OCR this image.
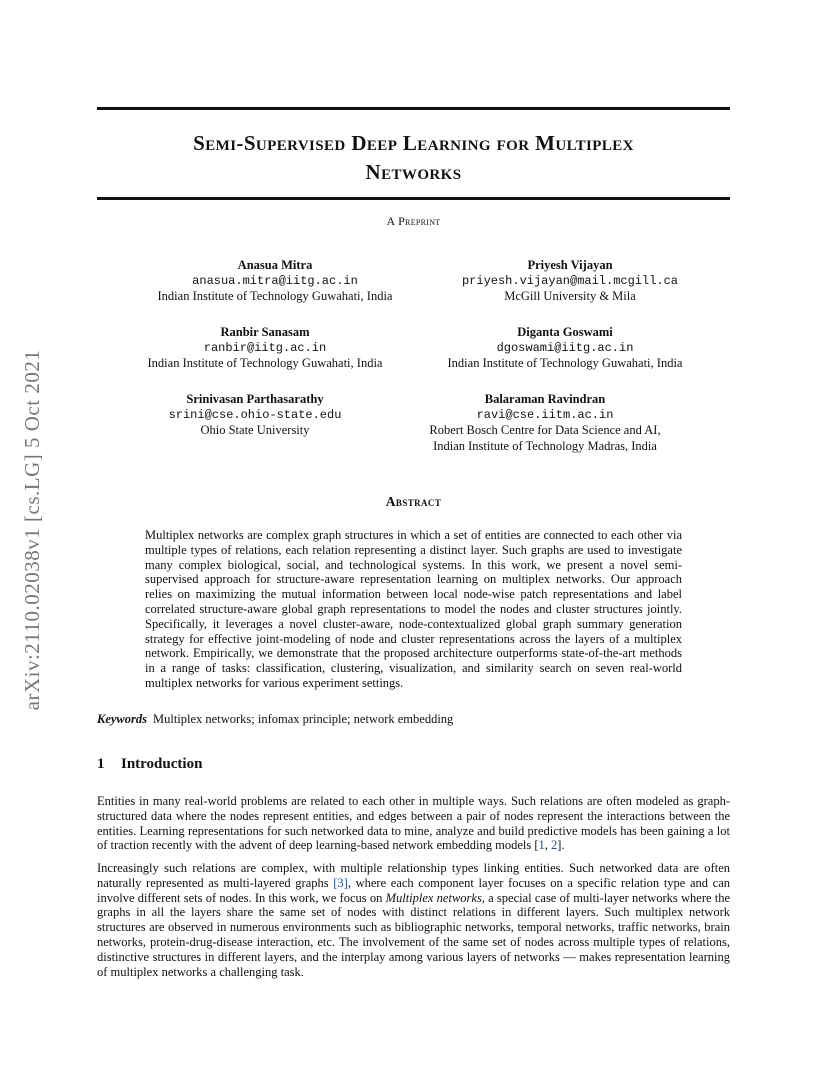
arXiv:2110.02038v1 [cs.LG] 5 Oct 2021
Semi-Supervised Deep Learning for Multiplex
Networks
A Preprint
Anasua Mitra
anasua.mitra@iitg.ac.in
Indian Institute of Technology Guwahati, India
Priyesh Vijayan
priyesh.vijayan@mail.mcgill.ca
McGill University & Mila
Ranbir Sanasam
ranbir@iitg.ac.in
Indian Institute of Technology Guwahati, India
Diganta Goswami
dgoswami@iitg.ac.in
Indian Institute of Technology Guwahati, India
Srinivasan Parthasarathy
srini@cse.ohio-state.edu
Ohio State University
Balaraman Ravindran
ravi@cse.iitm.ac.in
Robert Bosch Centre for Data Science and AI,
Indian Institute of Technology Madras, India
Abstract

Multiplex networks are complex graph structures in which a set of entities are connected to each other via multiple types of relations, each relation representing a distinct layer. Such graphs are used to investigate many complex biological, social, and technological systems. In this work, we present a novel semi-supervised approach for structure-aware representation learning on multiplex networks. Our approach relies on maximizing the mutual information between local node-wise patch representations and label correlated structure-aware global graph representations to model the nodes and cluster structures jointly. Specifically, it leverages a novel cluster-aware, node-contextualized global graph summary generation strategy for effective joint-modeling of node and cluster representations across the layers of a multiplex network. Empirically, we demonstrate that the proposed architecture outperforms state-of-the-art methods in a range of tasks: classification, clustering, visualization, and similarity search on seven real-world multiplex networks for various experiment settings.

Keywords Multiplex networks; infomax principle; network embedding
1 Introduction

Entities in many real-world problems are related to each other in multiple ways. Such relations are often modeled as graph-structured data where the nodes represent entities, and edges between a pair of nodes represent the interactions between the entities. Learning representations for such networked data to mine, analyze and build predictive models has been gaining a lot of traction recently with the advent of deep learning-based network embedding models [1, 2].

Increasingly such relations are complex, with multiple relationship types linking entities. Such networked data are often naturally represented as multi-layered graphs [3], where each component layer focuses on a specific relation type and can involve different sets of nodes. In this work, we focus on Multiplex networks, a special case of multi-layer networks where the graphs in all the layers share the same set of nodes with distinct relations in different layers. Such multiplex network structures are observed in numerous environments such as bibliographic networks, temporal networks, traffic networks, brain networks, protein-drug-disease interaction, etc. The involvement of the same set of nodes across multiple types of relations, distinctive structures in different layers, and the interplay among various layers of networks — makes representation learning of multiplex networks a challenging task.
